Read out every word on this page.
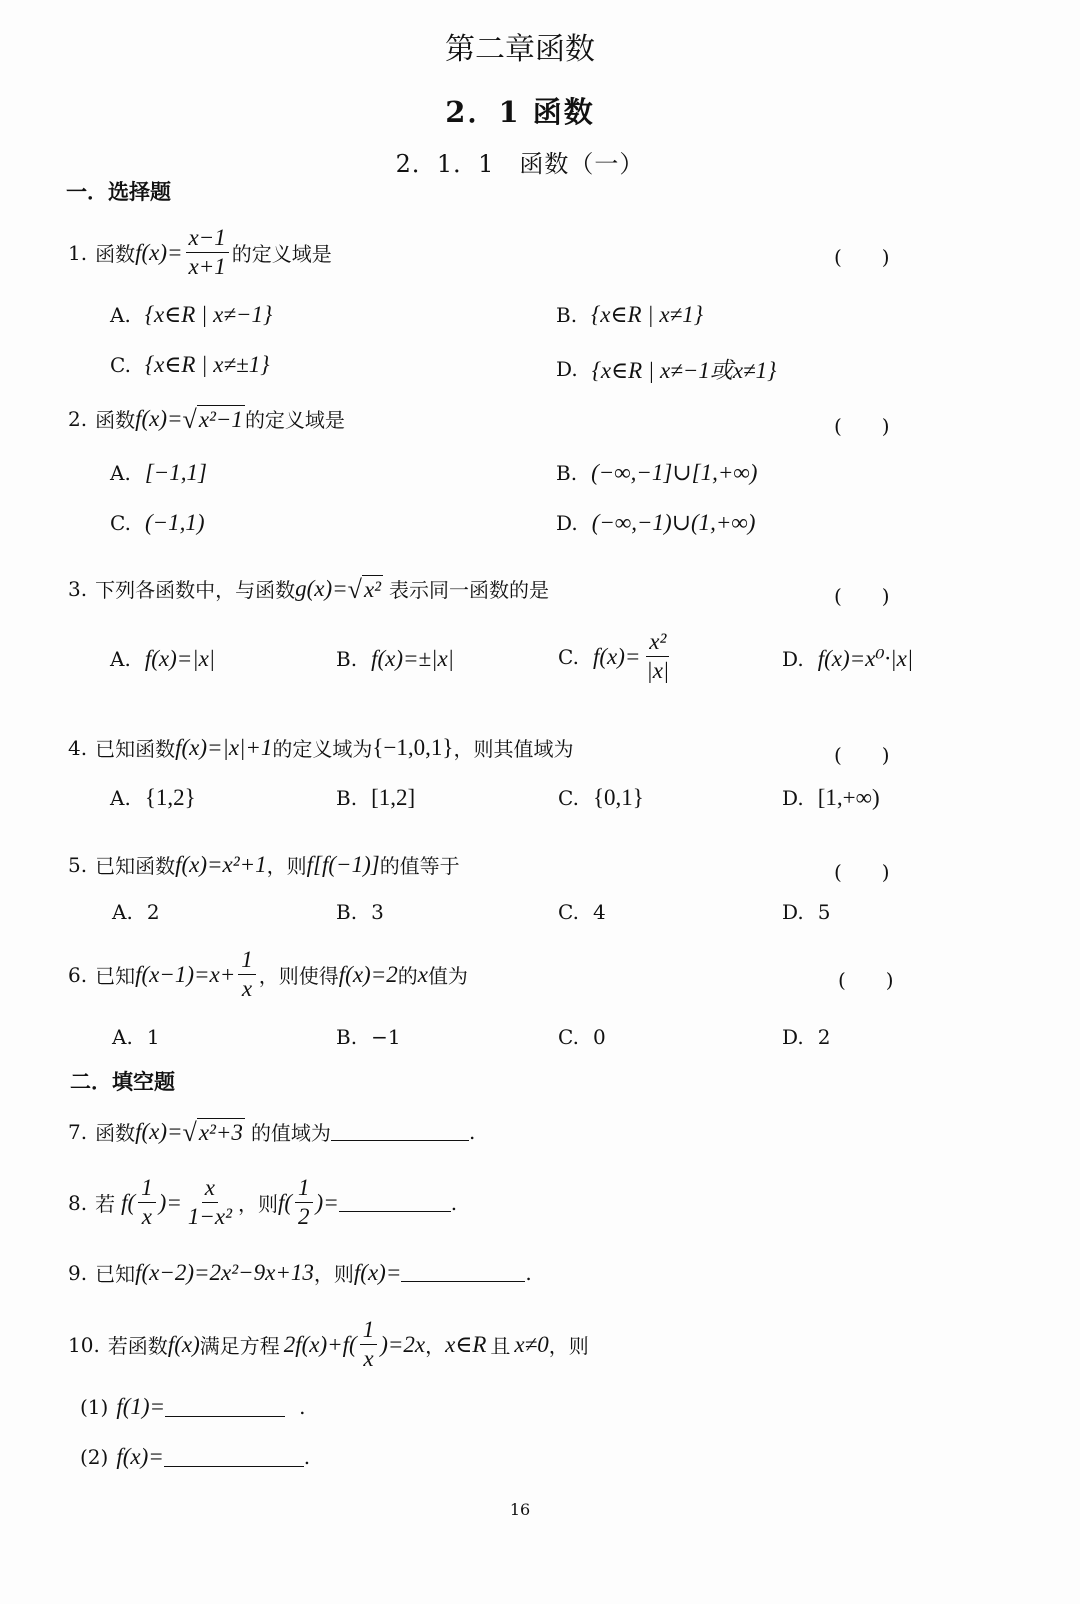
第二章函数
2．1 函数
2．1．1　函数（一）
一．选择题
1. 函数 $f(x)= \frac{x-1}{x+1}$ 的定义域是	(　　)
A. {x∈R | x≠−1}	B. {x∈R | x≠1}
C. {x∈R | x≠±1}	D. {x∈R | x≠−1或x≠1}
2. 函数 f(x)= √ x²−1 的定义域是	(　　)
A. [−1,1]	B. (−∞,−1]∪[1,+∞)
C. (−1,1)	D. (−∞,−1)∪(1,+∞)
3. 下列各函数中，与函数 g(x)= √ x² 表示同一函数的是	(　　)
A. f(x)=|x|	B. f(x)=±|x|	C. $f(x)= \frac{\text{x²}}{|x|}$	D. f(x)=x⁰·|x|
4. 已知函数 f(x)=|x|+1 的定义域为 {−1,0,1} ，则其值域为	(　　)
A. {1,2}	B. [1,2]	C. {0,1}	D. [1,+∞)
5. 已知函数 f(x)=x²+1 ，则 f[f(−1)] 的值等于	(　　)
A. 2	B. 3	C. 4	D. 5
6. 已知 $f(x-1)=x+ \frac{1}{x}$ ，则使得 f(x)=2 的 x 值为	(　　)
A. 1	B. −1	C. 0	D. 2
二．填空题
7. 函数 f(x)= √ x²+3 的值域为	.
8. 若 $f( \frac{1}{x}$ )= $\frac{x}{\text{1−x²}}$ ，则 $f( \frac{1}{2}$ )=	.
9. 已知 f(x−2)=2x²−9x+13 ，则 f(x)=	.
10. 若函数 f(x) 满足方程 $2f(x)+f( \frac{1}{x} )=2x$ ， x∈R 且 x≠0 ，则
(1) f(1)=	.
(2) f(x)=	.
16
